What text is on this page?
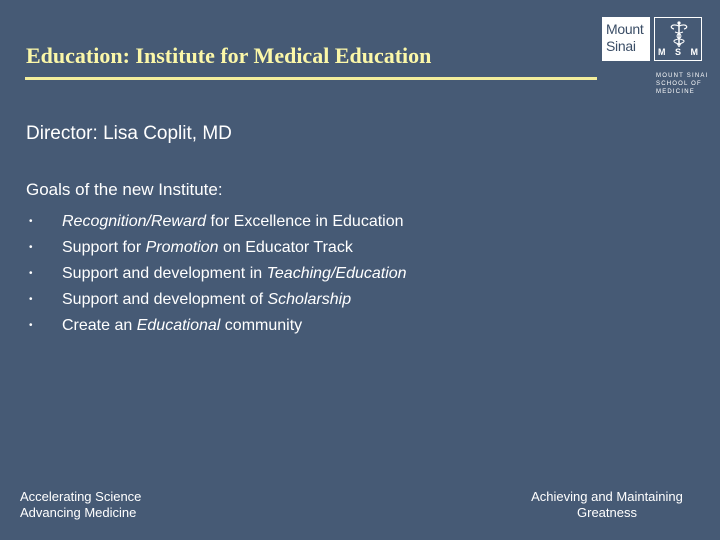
Education: Institute for Medical Education
Mount
Sinai	M S M
MOUNT SINAI
SCHOOL OF
MEDICINE
Director: Lisa Coplit, MD
Goals of the new Institute:
• Recognition/Reward for Excellence in Education
• Support for Promotion on Educator Track
• Support and development in Teaching/Education
• Support and development of Scholarship
• Create an Educational community
Accelerating Science
Advancing Medicine
Achieving and Maintaining
Greatness
